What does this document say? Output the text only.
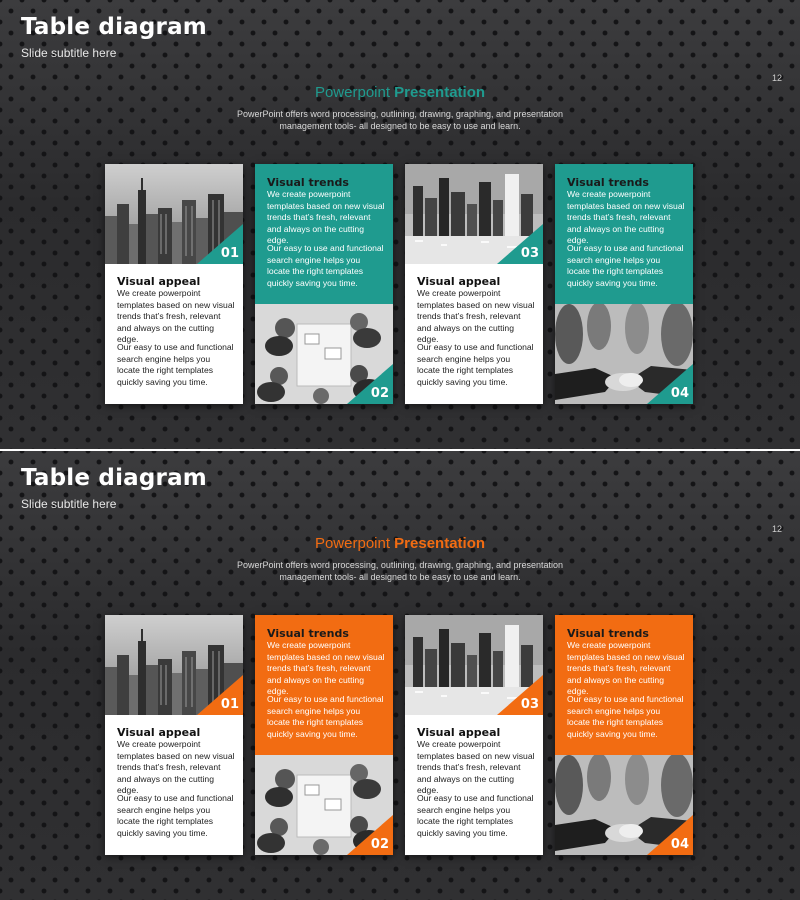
Table diagram
Slide subtitle here
12
Powerpoint Presentation
PowerPoint offers word processing, outlining, drawing, graphing, and presentation
management tools- all designed to be easy to use and learn.
01
Visual appeal
We create powerpoint templates based on new visual trends that’s fresh, relevant and always on the cutting edge.
Our easy to use and functional search engine helps you locate the right templates quickly saving you time.
Visual trends
We create powerpoint templates based on new visual trends that’s fresh, relevant and always on the cutting edge.
Our easy to use and functional search engine helps you locate the right templates quickly saving you time.
02
03
Visual appeal
We create powerpoint templates based on new visual trends that’s fresh, relevant and always on the cutting edge.
Our easy to use and functional search engine helps you locate the right templates quickly saving you time.
Visual trends
We create powerpoint templates based on new visual trends that’s fresh, relevant and always on the cutting edge.
Our easy to use and functional search engine helps you locate the right templates quickly saving you time.
04
Table diagram
Slide subtitle here
12
Powerpoint Presentation
PowerPoint offers word processing, outlining, drawing, graphing, and presentation
management tools- all designed to be easy to use and learn.
01
Visual appeal
We create powerpoint templates based on new visual trends that’s fresh, relevant and always on the cutting edge.
Our easy to use and functional search engine helps you locate the right templates quickly saving you time.
Visual trends
We create powerpoint templates based on new visual trends that’s fresh, relevant and always on the cutting edge.
Our easy to use and functional search engine helps you locate the right templates quickly saving you time.
02
03
Visual appeal
We create powerpoint templates based on new visual trends that’s fresh, relevant and always on the cutting edge.
Our easy to use and functional search engine helps you locate the right templates quickly saving you time.
Visual trends
We create powerpoint templates based on new visual trends that’s fresh, relevant and always on the cutting edge.
Our easy to use and functional search engine helps you locate the right templates quickly saving you time.
04
